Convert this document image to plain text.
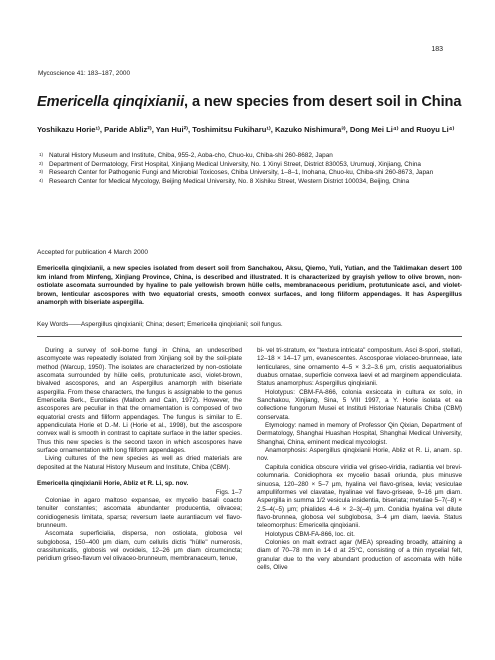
183
Mycoscience 41: 183–187, 2000
Emericella qinqixianii, a new species from desert soil in China
Yoshikazu Horie¹⁾, Paride Abliz²⁾, Yan Hui²⁾, Toshimitsu Fukiharu¹⁾, Kazuko Nishimura³⁾, Dong Mei Li⁴⁾ and Ruoyu Li⁴⁾
1) Natural History Museum and Institute, Chiba, 955-2, Aoba-cho, Chuo-ku, Chiba-shi 260-8682, Japan
2) Department of Dermatology, First Hospital, Xinjiang Medical University, No. 1 Xinyi Street, District 830053, Urumuqi, Xinjiang, China
3) Research Center for Pathogenic Fungi and Microbial Toxicoses, Chiba University, 1–8–1, Inohana, Chuo-ku, Chiba-shi 260-8673, Japan
4) Research Center for Medical Mycology, Beijing Medical University, No. 8 Xishiku Street, Western District 100034, Beijing, China
Accepted for publication 4 March 2000
Emericella qinqixianii, a new species isolated from desert soil from Sanchakou, Aksu, Qiemo, Yuli, Yutian, and the Taklimakan desert 100 km inland from Minfeng, Xinjiang Province, China, is described and illustrated. It is characterized by grayish yellow to olive brown, non-ostiolate ascomata surrounded by hyaline to pale yellowish brown hülle cells, membranaceous peridium, protutunicate asci, and violet-brown, lenticular ascospores with two equatorial crests, smooth convex surfaces, and long filiform appendages. It has Aspergillus anamorph with biseriate aspergilla.
Key Words——Aspergillus qinqixianii; China; desert; Emericella qinqixianii; soil fungus.

During a survey of soil-borne fungi in China, an undescribed ascomycete was repeatedly isolated from Xinjiang soil by the soil-plate method (Warcup, 1950). The isolates are characterized by non-ostiolate ascomata surrounded by hülle cells, protutunicate asci, violet-brown, bivalved ascospores, and an Aspergillus anamorph with biseriate aspergilla. From these characters, the fungus is assignable to the genus Emericella Berk., Eurotiales (Malloch and Cain, 1972). However, the ascospores are peculiar in that the ornamentation is composed of two equatorial crests and filiform appendages. The fungus is similar to E. appendiculata Horie et D.-M. Li (Horie et al., 1998), but the ascospore convex wall is smooth in contrast to capitate surface in the latter species. Thus this new species is the second taxon in which ascospores have surface ornamentation with long filiform appendages.

Living cultures of the new species as well as dried materials are deposited at the Natural History Museum and Institute, Chiba (CBM).

Emericella qinqixianii Horie, Abliz et R. Li, sp. nov.

Figs. 1–7

Coloniae in agaro maltoso expansae, ex mycelio basali coacto tenuiter constantes; ascomata abundanter producentia, olivacea; conidiogenesis limitata, sparsa; reversum laete aurantiacum vel flavo-brunneum.

Ascomata superficialia, dispersa, non ostiolata, globosa vel subglobosa, 150–400 μm diam, cum cellulis dictis "hülle" numerosis, crassitunicatis, globosis vel ovoideis, 12–26 μm diam circumcincta; peridium griseo-flavum vel olivaceo-brunneum, membranaceum, tenue,

bi- vel tri-stratum, ex "textura intricata" compositum. Asci 8-spori, stellati, 12–18 × 14–17 μm, evanescentes. Ascosporae violaceo-brunneae, late lenticulares, sine ornamento 4–5 × 3.2–3.6 μm, cristis aequatorialibus duabus ornatae, superficie convexa laevi et ad marginem appendiculata. Status anamorphus: Aspergillus qinqixianii.

Holotypus: CBM-FA-866, colonia exsiccata in cultura ex solo, in Sanchakou, Xinjiang, Sina, 5 VIII 1997, a Y. Horie isolata et ea collectione fungorum Musei et Instituti Historiae Naturalis Chiba (CBM) conservata.

Etymology: named in memory of Professor Qin Qixian, Department of Dermatology, Shanghai Huashan Hospital, Shanghai Medical University, Shanghai, China, eminent medical mycologist.

Anamorphosis: Aspergillus qinqixianii Horie, Abliz et R. Li, anam. sp. nov.

Capitula conidica obscure viridia vel griseo-viridia, radiantia vel brevi-columnaria. Conidiophora ex mycelio basali oriunda, plus minusve sinuosa, 120–280 × 5–7 μm, hyalina vel flavo-grisea, levia; vesiculae ampulliformes vel clavatae, hyalinae vel flavo-griseae, 9–16 μm diam. Aspergilla in summa 1/2 vesicula insidentia, biseriata; metulae 5–7(–8) × 2.5–4(–5) μm; phialides 4–6 × 2–3(–4) μm. Conidia hyalina vel dilute flavo-brunnea, globosa vel subglobosa, 3–4 μm diam, laevia. Status teleomorphus: Emericella qinqixianii.

Holotypus CBM-FA-866, loc. cit.

Colonies on malt extract agar (MEA) spreading broadly, attaining a diam of 70–78 mm in 14 d at 25°C, consisting of a thin mycelial felt, granular due to the very abundant production of ascomata with hülle cells, Olive
